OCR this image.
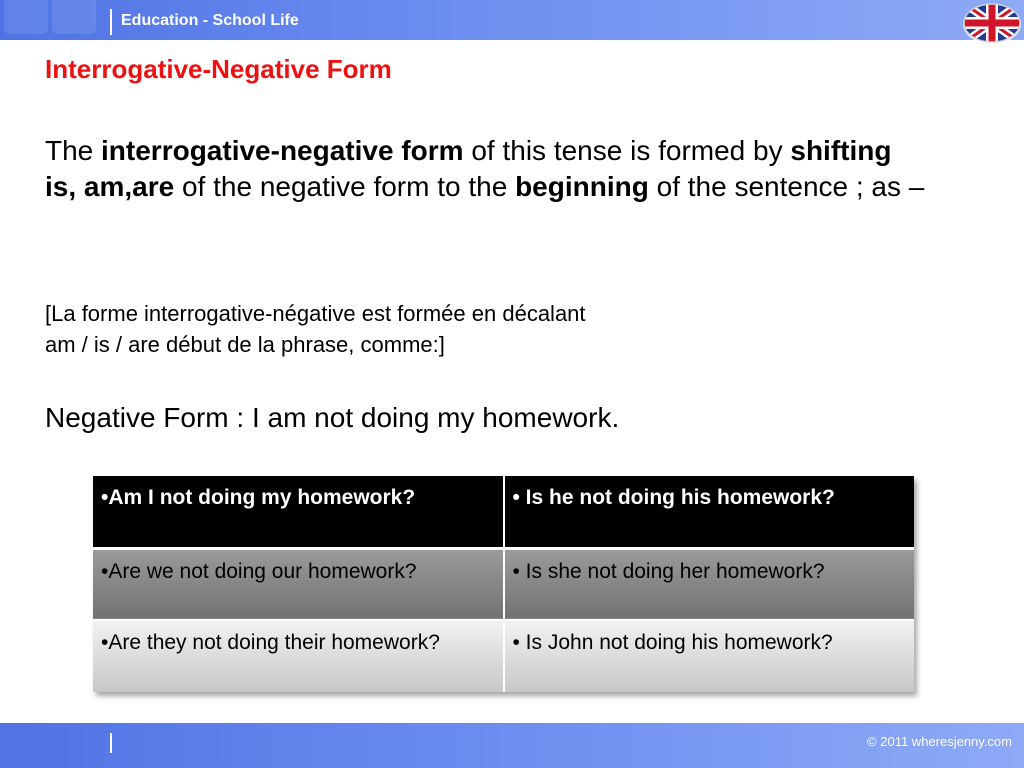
Education - School Life
Interrogative-Negative Form
The interrogative-negative form of this tense is formed by shifting
is, am,are of the negative form to the beginning of the sentence ; as –
[La forme interrogative-négative est formée en décalant
am / is / are début de la phrase, comme:]
Negative Form : I am not doing my homework.
•Am I not doing my homework?	• Is he not doing his homework?
•Are we not doing our homework?	• Is she not doing her homework?
•Are they not doing their homework?	• Is John not doing his homework?
© 2011 wheresjenny.com
